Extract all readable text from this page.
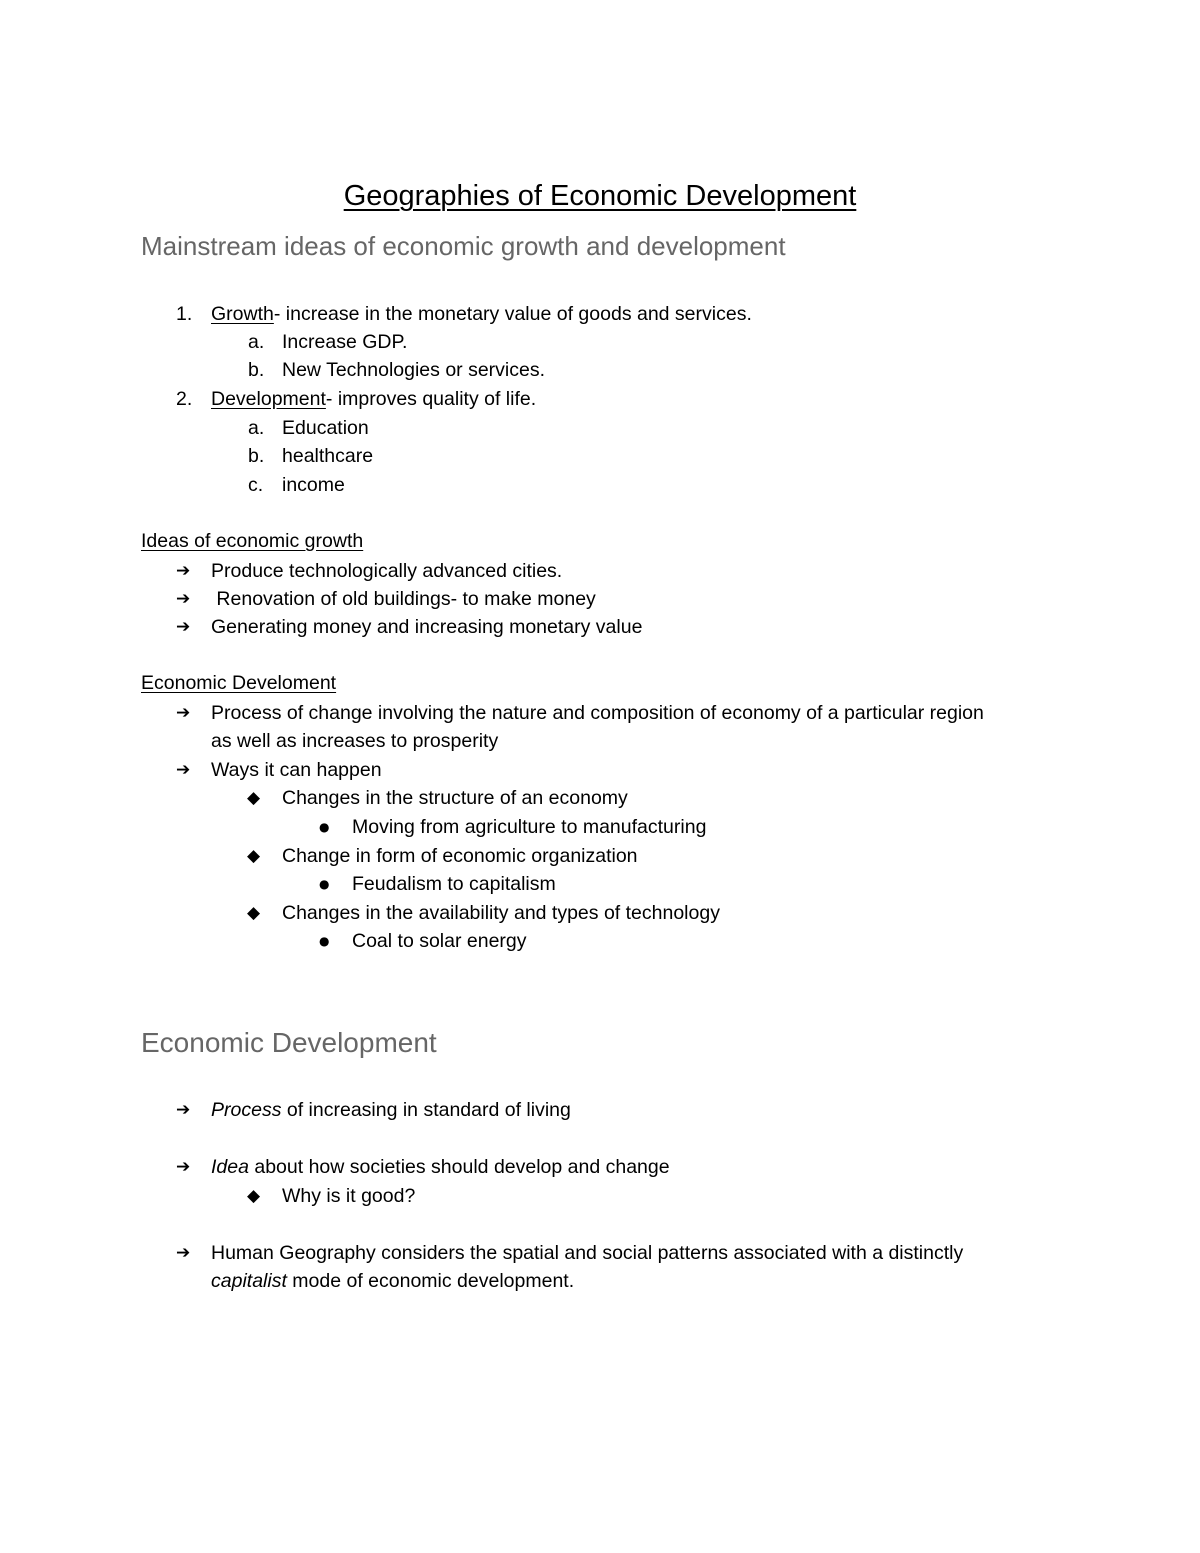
Geographies of Economic Development
Mainstream ideas of economic growth and development
1. Growth- increase in the monetary value of goods and services.
a. Increase GDP.
b. New Technologies or services.
2. Development- improves quality of life.
a. Education
b. healthcare
c. income
Ideas of economic growth
➔ Produce technologically advanced cities.
➔ Renovation of old buildings- to make money
➔ Generating money and increasing monetary value
Economic Develoment
➔ Process of change involving the nature and composition of economy of a particular region
as well as increases to prosperity
➔ Ways it can happen
◆ Changes in the structure of an economy
● Moving from agriculture to manufacturing
◆ Change in form of economic organization
● Feudalism to capitalism
◆ Changes in the availability and types of technology
● Coal to solar energy
Economic Development
➔ Process of increasing in standard of living
➔ Idea about how societies should develop and change
◆ Why is it good?
➔ Human Geography considers the spatial and social patterns associated with a distinctly
capitalist mode of economic development.
